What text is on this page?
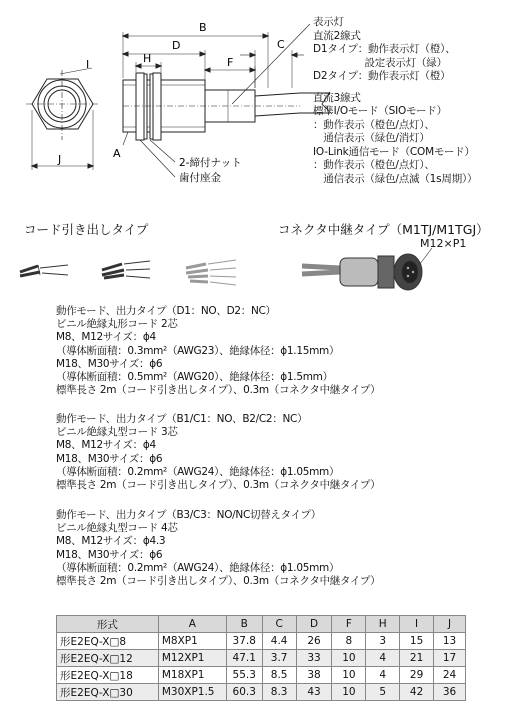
I
J
B
D	C
H	F
A
2-締付ナット
歯付座金
表示灯
直流2線式
D1タイプ：動作表示灯（橙）、
　　　　　設定表示灯（緑）
D2タイプ：動作表示灯（橙）
直流3線式
標準I/Oモード（SIOモード）
：動作表示（橙色/点灯）、
　通信表示（緑色/消灯）
IO-Link通信モード（COMモード）
：動作表示（橙色/点灯）、
　通信表示（緑色/点滅（1s周期））
コード引き出しタイプ	コネクタ中継タイプ（M1TJ/M1TGJ）
M12×P1
動作モード、出力タイプ（D1：NO、D2：NC）
ビニル絶縁丸形コード 2芯
M8、M12サイズ：ϕ4
（導体断面積：0.3mm²（AWG23）、絶縁体径：ϕ1.15mm）
M18、M30サイズ：ϕ6
（導体断面積：0.5mm²（AWG20）、絶縁体径：ϕ1.5mm）
標準長さ 2m（コード引き出しタイプ）、0.3m（コネクタ中継タイプ）
動作モード、出力タイプ（B1/C1：NO、B2/C2：NC）
ビニル絶縁丸型コード 3芯
M8、M12サイズ：ϕ4
M18、M30サイズ：ϕ6
（導体断面積：0.2mm²（AWG24）、絶縁体径：ϕ1.05mm）
標準長さ 2m（コード引き出しタイプ）、0.3m（コネクタ中継タイプ）
動作モード、出力タイプ（B3/C3：NO/NC切替えタイプ）
ビニル絶縁丸型コード 4芯
M8、M12サイズ：ϕ4.3
M18、M30サイズ：ϕ6
（導体断面積：0.2mm²（AWG24）、絶縁体径：ϕ1.05mm）
標準長さ 2m（コード引き出しタイプ）、0.3m（コネクタ中継タイプ）
形式	A	B	C	D	F	H	I	J
形E2EQ-X□8	M8XP1	37.8	4.4	26	8	3	15	13
形E2EQ-X□12	M12XP1	47.1	3.7	33	10	4	21	17
形E2EQ-X□18	M18XP1	55.3	8.5	38	10	4	29	24
形E2EQ-X□30	M30XP1.5	60.3	8.3	43	10	5	42	36
